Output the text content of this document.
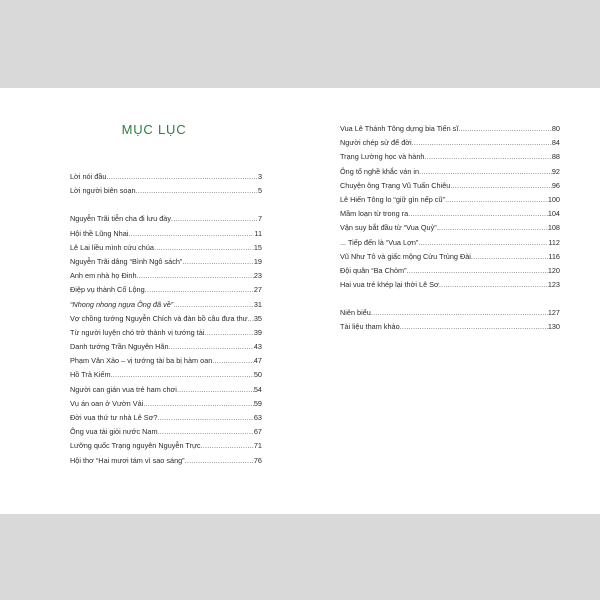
MỤC LỤC
Lời nói đầu .....	3
Lời người biên soạn .....	5
Nguyễn Trãi tiễn cha đi lưu đày .....	7
Hội thề Lũng Nhai .....	11
Lê Lai liều mình cứu chúa .....	15
Nguyễn Trãi dâng “Bình Ngô sách” .....	19
Anh em nhà họ Đinh .....	23
Điệp vụ thành Cổ Lộng .....	27
“Nhong nhong ngựa Ông đã về” .....	31
Vợ chồng tướng Nguyễn Chích và đàn bồ câu đưa thư ..... 35
Từ người luyện chó trở thành vị tướng tài .....	39
Danh tướng Trần Nguyên Hãn .....	43
Phạm Văn Xảo – vị tướng tài ba bị hàm oan .....	47
Hồ Trả Kiếm .....	50
Người can gián vua trẻ ham chơi .....	54
Vụ án oan ở Vườn Vải .....	59
Đời vua thứ tư nhà Lê Sơ? .....	63
Ông vua tài giỏi nước Nam .....	67
Lưỡng quốc Trạng nguyên Nguyễn Trực .....	71
Hội thơ “Hai mươi tám vì sao sáng” .....	76
Vua Lê Thánh Tông dựng bia Tiến sĩ .....	80
Người chép sử để đời .....	84
Trạng Lường học và hành .....	88
Ông tổ nghề khắc ván in .....	92
Chuyện ông Trạng Vũ Tuấn Chiêu .....	96
Lê Hiến Tông lo “giữ gìn nếp cũ” .....	100
Mầm loạn từ trong ra .....	104
Vận suy bắt đầu từ “Vua Quỷ” .....	108
... Tiếp đến là “Vua Lợn” .....	112
Vũ Như Tô và giấc mộng Cửu Trùng Đài .....	116
Đội quân “Ba Chỏm” .....	120
Hai vua trẻ khép lại thời Lê Sơ .....	123
Niên biểu .....	127
Tài liệu tham khảo .....	130
